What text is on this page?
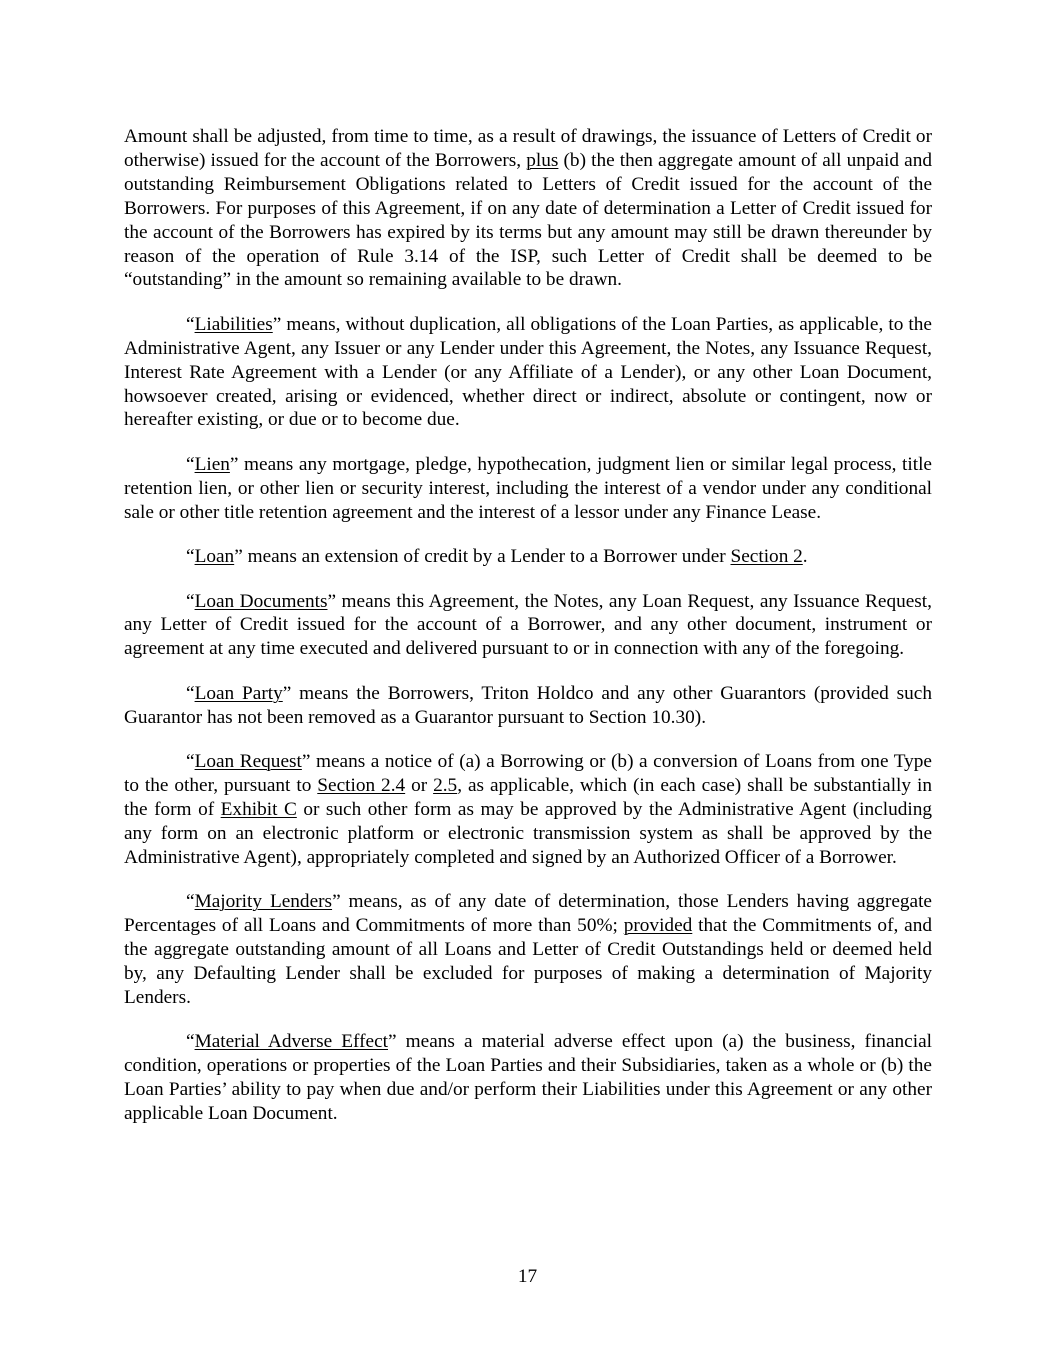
Amount shall be adjusted, from time to time, as a result of drawings, the issuance of Letters of Credit or otherwise) issued for the account of the Borrowers, plus (b) the then aggregate amount of all unpaid and outstanding Reimbursement Obligations related to Letters of Credit issued for the account of the Borrowers. For purposes of this Agreement, if on any date of determination a Letter of Credit issued for the account of the Borrowers has expired by its terms but any amount may still be drawn thereunder by reason of the operation of Rule 3.14 of the ISP, such Letter of Credit shall be deemed to be “outstanding” in the amount so remaining available to be drawn.

“Liabilities” means, without duplication, all obligations of the Loan Parties, as applicable, to the Administrative Agent, any Issuer or any Lender under this Agreement, the Notes, any Issuance Request, Interest Rate Agreement with a Lender (or any Affiliate of a Lender), or any other Loan Document, howsoever created, arising or evidenced, whether direct or indirect, absolute or contingent, now or hereafter existing, or due or to become due.

“Lien” means any mortgage, pledge, hypothecation, judgment lien or similar legal process, title retention lien, or other lien or security interest, including the interest of a vendor under any conditional sale or other title retention agreement and the interest of a lessor under any Finance Lease.

“Loan” means an extension of credit by a Lender to a Borrower under Section 2.

“Loan Documents” means this Agreement, the Notes, any Loan Request, any Issuance Request, any Letter of Credit issued for the account of a Borrower, and any other document, instrument or agreement at any time executed and delivered pursuant to or in connection with any of the foregoing.

“Loan Party” means the Borrowers, Triton Holdco and any other Guarantors (provided such Guarantor has not been removed as a Guarantor pursuant to Section 10.30).

“Loan Request” means a notice of (a) a Borrowing or (b) a conversion of Loans from one Type to the other, pursuant to Section 2.4 or 2.5, as applicable, which (in each case) shall be substantially in the form of Exhibit C or such other form as may be approved by the Administrative Agent (including any form on an electronic platform or electronic transmission system as shall be approved by the Administrative Agent), appropriately completed and signed by an Authorized Officer of a Borrower.

“Majority Lenders” means, as of any date of determination, those Lenders having aggregate Percentages of all Loans and Commitments of more than 50%; provided that the Commitments of, and the aggregate outstanding amount of all Loans and Letter of Credit Outstandings held or deemed held by, any Defaulting Lender shall be excluded for purposes of making a determination of Majority Lenders.

“Material Adverse Effect” means a material adverse effect upon (a) the business, financial condition, operations or properties of the Loan Parties and their Subsidiaries, taken as a whole or (b) the Loan Parties’ ability to pay when due and/or perform their Liabilities under this Agreement or any other applicable Loan Document.

17
